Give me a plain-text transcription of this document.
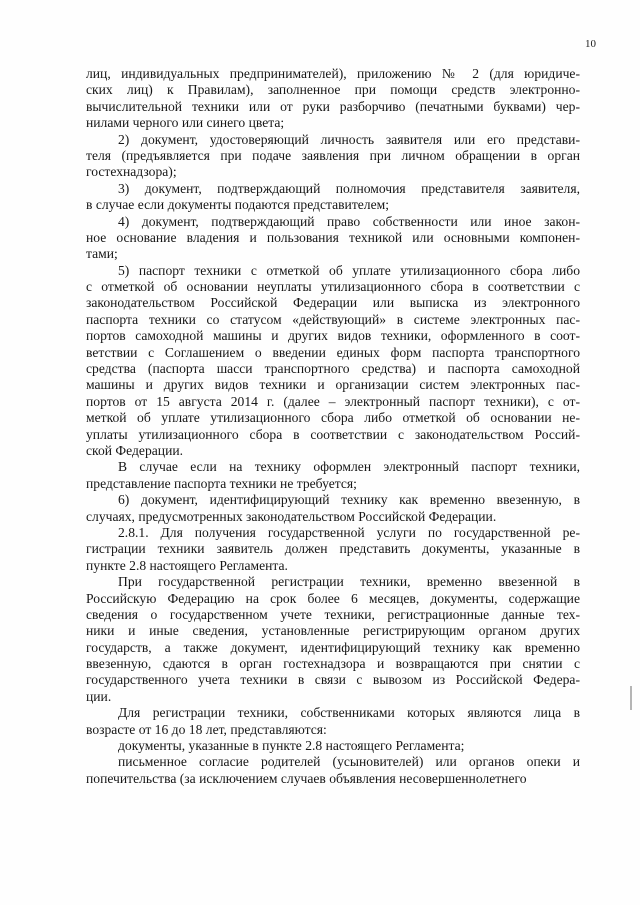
10
лиц, индивидуальных предпринимателей), приложению № 2 (для юридиче-
ских лиц) к Правилам), заполненное при помощи средств электронно-
вычислительной техники или от руки разборчиво (печатными буквами) чер-
нилами черного или синего цвета;
2) документ, удостоверяющий личность заявителя или его представи-
теля (предъявляется при подаче заявления при личном обращении в орган
гостехнадзора);
3) документ, подтверждающий полномочия представителя заявителя,
в случае если документы подаются представителем;
4) документ, подтверждающий право собственности или иное закон-
ное основание владения и пользования техникой или основными компонен-
тами;
5) паспорт техники с отметкой об уплате утилизационного сбора либо
с отметкой об основании неуплаты утилизационного сбора в соответствии с
законодательством Российской Федерации или выписка из электронного
паспорта техники со статусом «действующий» в системе электронных пас-
портов самоходной машины и других видов техники, оформленного в соот-
ветствии с Соглашением о введении единых форм паспорта транспортного
средства (паспорта шасси транспортного средства) и паспорта самоходной
машины и других видов техники и организации систем электронных пас-
портов от 15 августа 2014 г. (далее – электронный паспорт техники), с от-
меткой об уплате утилизационного сбора либо отметкой об основании не-
уплаты утилизационного сбора в соответствии с законодательством Россий-
ской Федерации.
В случае если на технику оформлен электронный паспорт техники,
представление паспорта техники не требуется;
6) документ, идентифицирующий технику как временно ввезенную, в
случаях, предусмотренных законодательством Российской Федерации.
2.8.1. Для получения государственной услуги по государственной ре-
гистрации техники заявитель должен представить документы, указанные в
пункте 2.8 настоящего Регламента.
При государственной регистрации техники, временно ввезенной в
Российскую Федерацию на срок более 6 месяцев, документы, содержащие
сведения о государственном учете техники, регистрационные данные тех-
ники и иные сведения, установленные регистрирующим органом других
государств, а также документ, идентифицирующий технику как временно
ввезенную, сдаются в орган гостехнадзора и возвращаются при снятии с
государственного учета техники в связи с вывозом из Российской Федера-
ции.
Для регистрации техники, собственниками которых являются лица в
возрасте от 16 до 18 лет, представляются:
документы, указанные в пункте 2.8 настоящего Регламента;
письменное согласие родителей (усыновителей) или органов опеки и
попечительства (за исключением случаев объявления несовершеннолетнего
